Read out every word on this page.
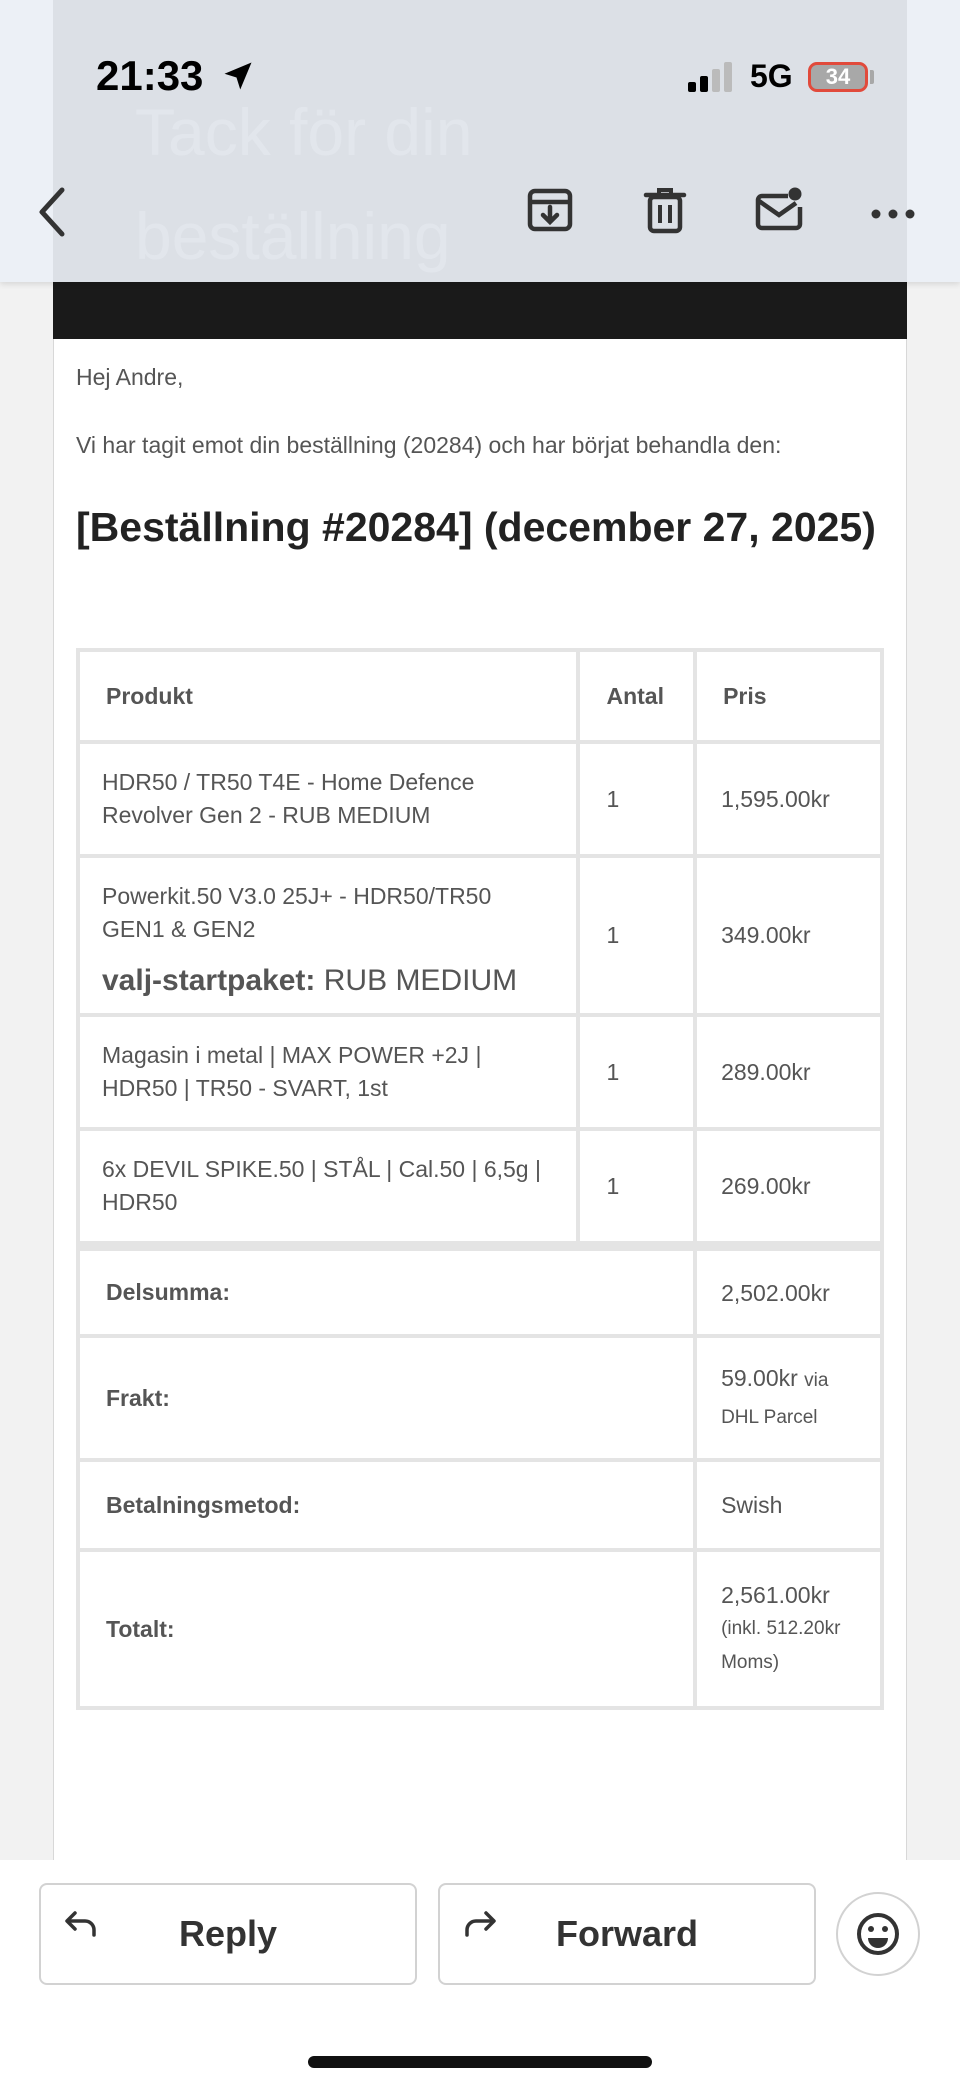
21:33	5G	34
Hej Andre,
Vi har tagit emot din beställning (20284) och har börjat behandla den:
[Beställning #20284] (december 27, 2025)
Produkt	Antal	Pris
HDR50 / TR50 T4E - Home Defence Revolver Gen 2 - RUB MEDIUM	1	1,595.00kr

Powerkit.50 V3.0 25J+ - HDR50/TR50 GEN1 & GEN2
valj-startpaket: RUB MEDIUM	1	349.00kr
Magasin i metal | MAX POWER +2J | HDR50 | TR50 - SVART, 1st	1	289.00kr
6x DEVIL SPIKE.50 | STÅL | Cal.50 | 6,5g | HDR50	1	269.00kr
Delsumma:		2,502.00kr
Frakt:		59.00kr via DHL Parcel
Betalningsmetod:		Swish
Totalt:		2,561.00kr
(inkl. 512.20kr Moms)
Reply	Forward
